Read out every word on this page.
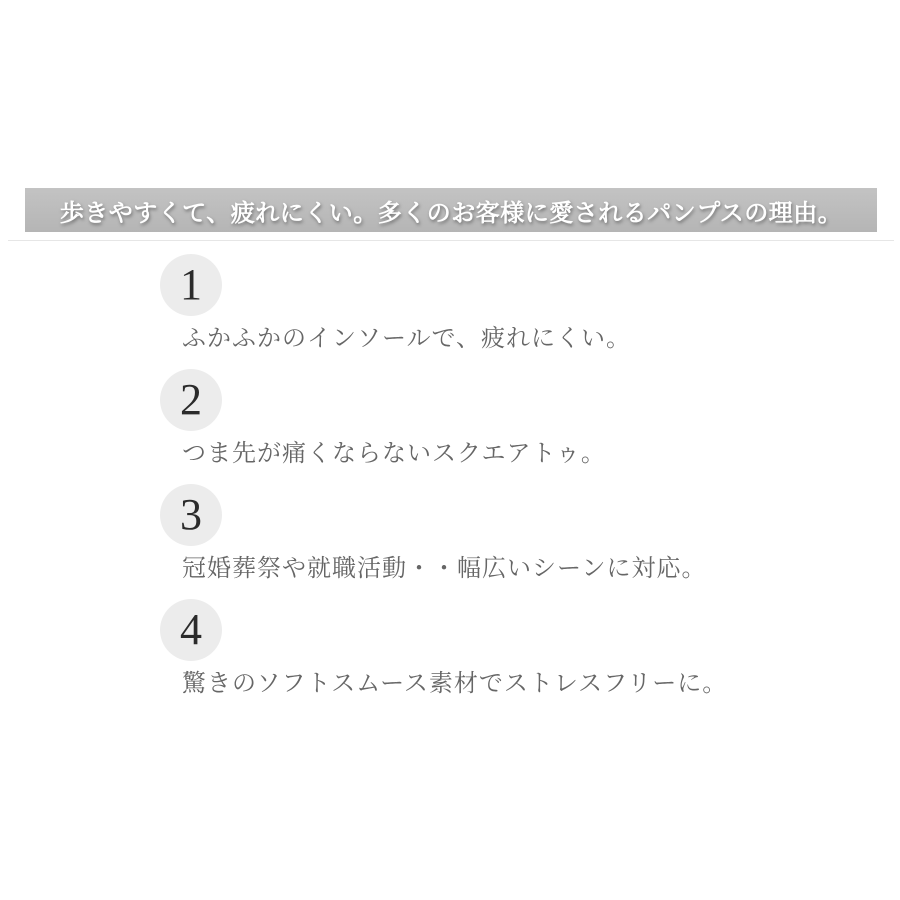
歩きやすくて、疲れにくい。多くのお客様に愛されるパンプスの理由。
1
ふかふかのインソールで、疲れにくい。
2
つま先が痛くならないスクエアトゥ。
3
冠婚葬祭や就職活動・・幅広いシーンに対応。
4
驚きのソフトスムース素材でストレスフリーに。
